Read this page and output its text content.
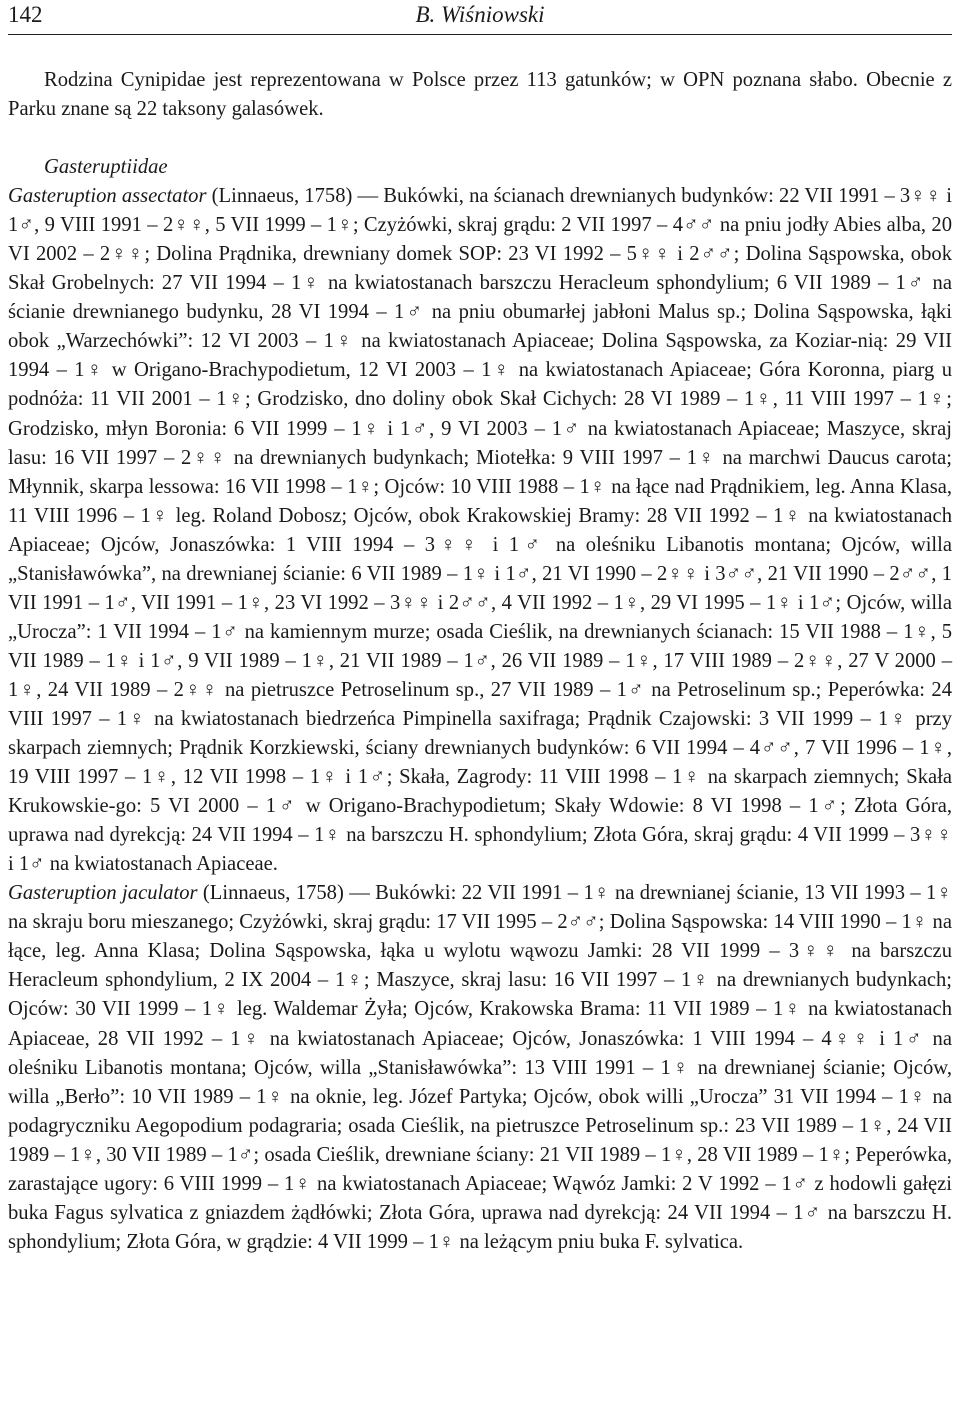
142	B. Wiśniowski

Rodzina Cynipidae jest reprezentowana w Polsce przez 113 gatunków; w OPN poznana słabo. Obecnie z Parku znane są 22 taksony galasówek.

Gasteruptiidae

Gasteruption assectator (Linnaeus, 1758) — Bukówki, na ścianach drewnianych budynków: 22 VII 1991 – 3♀♀ i 1♂, 9 VIII 1991 – 2♀♀, 5 VII 1999 – 1♀; Czyżówki, skraj grądu: 2 VII 1997 – 4♂♂ na pniu jodły Abies alba, 20 VI 2002 – 2♀♀; Dolina Prądnika, drewniany domek SOP: 23 VI 1992 – 5♀♀ i 2♂♂; Dolina Sąspowska, obok Skał Grobelnych: 27 VII 1994 – 1♀ na kwiatostanach barszczu Heracleum sphondylium; 6 VII 1989 – 1♂ na ścianie drewnianego budynku, 28 VI 1994 – 1♂ na pniu obumarłej jabłoni Malus sp.; Dolina Sąspowska, łąki obok „Warzechówki”: 12 VI 2003 – 1♀ na kwiatostanach Apiaceae; Dolina Sąspowska, za Koziar-nią: 29 VII 1994 – 1♀ w Origano-Brachypodietum, 12 VI 2003 – 1♀ na kwiatostanach Apiaceae; Góra Koronna, piarg u podnóża: 11 VII 2001 – 1♀; Grodzisko, dno doliny obok Skał Cichych: 28 VI 1989 – 1♀, 11 VIII 1997 – 1♀; Grodzisko, młyn Boronia: 6 VII 1999 – 1♀ i 1♂, 9 VI 2003 – 1♂ na kwiatostanach Apiaceae; Maszyce, skraj lasu: 16 VII 1997 – 2♀♀ na drewnianych budynkach; Miotełka: 9 VIII 1997 – 1♀ na marchwi Daucus carota; Młynnik, skarpa lessowa: 16 VII 1998 – 1♀; Ojców: 10 VIII 1988 – 1♀ na łące nad Prądnikiem, leg. Anna Klasa, 11 VIII 1996 – 1♀ leg. Roland Dobosz; Ojców, obok Krakowskiej Bramy: 28 VII 1992 – 1♀ na kwiatostanach Apiaceae; Ojców, Jonaszówka: 1 VIII 1994 – 3♀♀ i 1♂ na oleśniku Libanotis montana; Ojców, willa „Stanisławówka”, na drewnianej ścianie: 6 VII 1989 – 1♀ i 1♂, 21 VI 1990 – 2♀♀ i 3♂♂, 21 VII 1990 – 2♂♂, 1 VII 1991 – 1♂, VII 1991 – 1♀, 23 VI 1992 – 3♀♀ i 2♂♂, 4 VII 1992 – 1♀, 29 VI 1995 – 1♀ i 1♂; Ojców, willa „Urocza”: 1 VII 1994 – 1♂ na kamiennym murze; osada Cieślik, na drewnianych ścianach: 15 VII 1988 – 1♀, 5 VII 1989 – 1♀ i 1♂, 9 VII 1989 – 1♀, 21 VII 1989 – 1♂, 26 VII 1989 – 1♀, 17 VIII 1989 – 2♀♀, 27 V 2000 – 1♀, 24 VII 1989 – 2♀♀ na pietruszce Petroselinum sp., 27 VII 1989 – 1♂ na Petroselinum sp.; Peperówka: 24 VIII 1997 – 1♀ na kwiatostanach biedrzeńca Pimpinella saxifraga; Prądnik Czajowski: 3 VII 1999 – 1♀ przy skarpach ziemnych; Prądnik Korzkiewski, ściany drewnianych budynków: 6 VII 1994 – 4♂♂, 7 VII 1996 – 1♀, 19 VIII 1997 – 1♀, 12 VII 1998 – 1♀ i 1♂; Skała, Zagrody: 11 VIII 1998 – 1♀ na skarpach ziemnych; Skała Krukowskie-go: 5 VI 2000 – 1♂ w Origano-Brachypodietum; Skały Wdowie: 8 VI 1998 – 1♂; Złota Góra, uprawa nad dyrekcją: 24 VII 1994 – 1♀ na barszczu H. sphondylium; Złota Góra, skraj grądu: 4 VII 1999 – 3♀♀ i 1♂ na kwiatostanach Apiaceae.

Gasteruption jaculator (Linnaeus, 1758) — Bukówki: 22 VII 1991 – 1♀ na drewnianej ścianie, 13 VII 1993 – 1♀ na skraju boru mieszanego; Czyżówki, skraj grądu: 17 VII 1995 – 2♂♂; Dolina Sąspowska: 14 VIII 1990 – 1♀ na łące, leg. Anna Klasa; Dolina Sąspowska, łąka u wylotu wąwozu Jamki: 28 VII 1999 – 3♀♀ na barszczu Heracleum sphondylium, 2 IX 2004 – 1♀; Maszyce, skraj lasu: 16 VII 1997 – 1♀ na drewnianych budynkach; Ojców: 30 VII 1999 – 1♀ leg. Waldemar Żyła; Ojców, Krakowska Brama: 11 VII 1989 – 1♀ na kwiatostanach Apiaceae, 28 VII 1992 – 1♀ na kwiatostanach Apiaceae; Ojców, Jonaszówka: 1 VIII 1994 – 4♀♀ i 1♂ na oleśniku Libanotis montana; Ojców, willa „Stanisławówka”: 13 VIII 1991 – 1♀ na drewnianej ścianie; Ojców, willa „Berło”: 10 VII 1989 – 1♀ na oknie, leg. Józef Partyka; Ojców, obok willi „Urocza” 31 VII 1994 – 1♀ na podagryczniku Aegopodium podagraria; osada Cieślik, na pietruszce Petroselinum sp.: 23 VII 1989 – 1♀, 24 VII 1989 – 1♀, 30 VII 1989 – 1♂; osada Cieślik, drewniane ściany: 21 VII 1989 – 1♀, 28 VII 1989 – 1♀; Peperówka, zarastające ugory: 6 VIII 1999 – 1♀ na kwiatostanach Apiaceae; Wąwóz Jamki: 2 V 1992 – 1♂ z hodowli gałęzi buka Fagus sylvatica z gniazdem żądłówki; Złota Góra, uprawa nad dyrekcją: 24 VII 1994 – 1♂ na barszczu H. sphondylium; Złota Góra, w grądzie: 4 VII 1999 – 1♀ na leżącym pniu buka F. sylvatica.
